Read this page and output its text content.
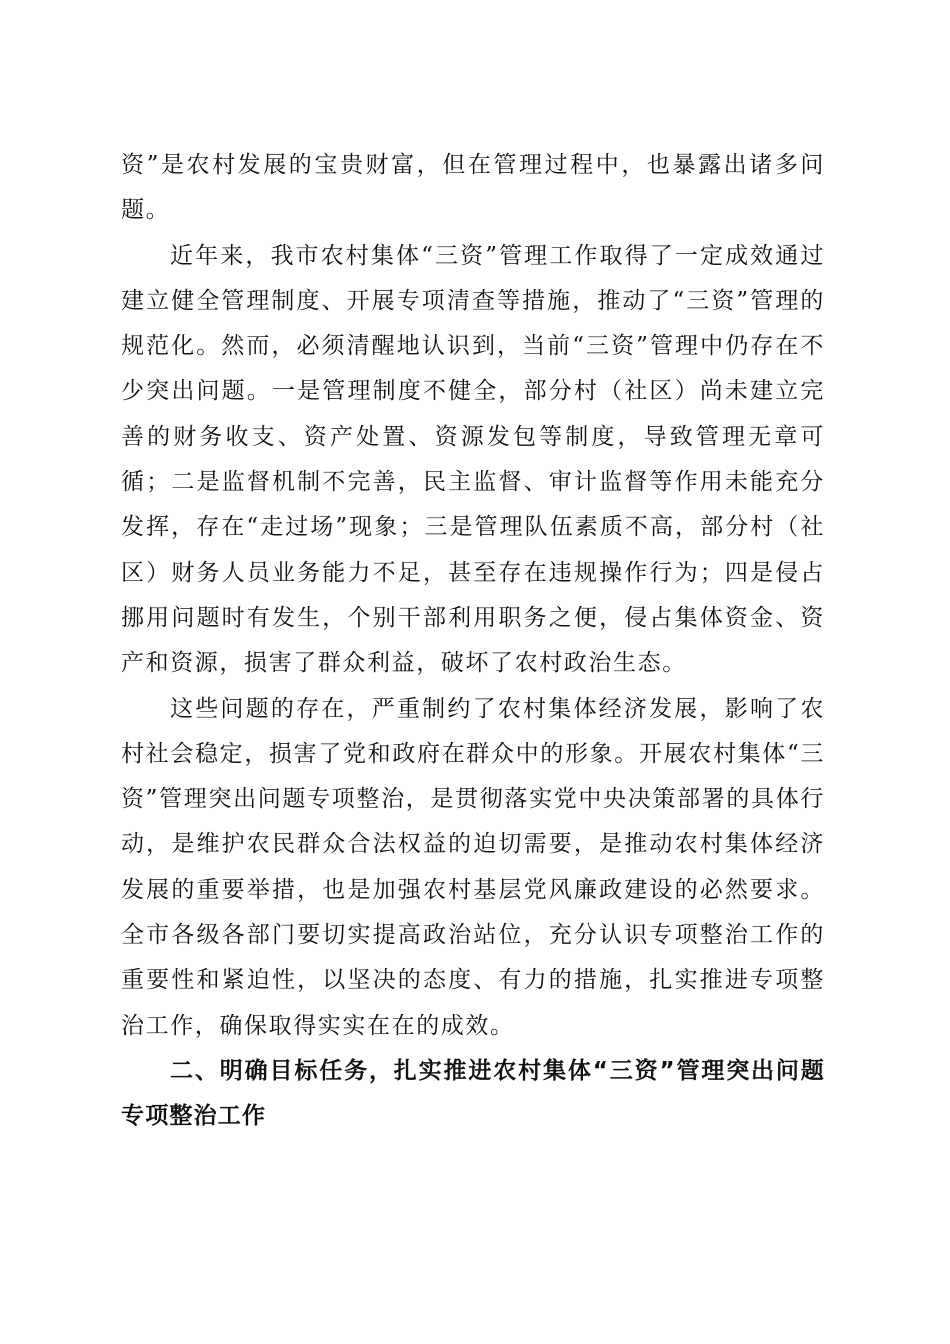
资”是农村发展的宝贵财富，但在管理过程中，也暴露出诸多问题。

近年来，我市农村集体“三资”管理工作取得了一定成效通过建立健全管理制度、开展专项清查等措施，推动了“三资”管理的规范化。然而，必须清醒地认识到，当前“三资”管理中仍存在不少突出问题。一是管理制度不健全，部分村（社区）尚未建立完善的财务收支、资产处置、资源发包等制度，导致管理无章可循；二是监督机制不完善，民主监督、审计监督等作用未能充分发挥，存在“走过场”现象；三是管理队伍素质不高，部分村（社区）财务人员业务能力不足，甚至存在违规操作行为；四是侵占挪用问题时有发生，个别干部利用职务之便，侵占集体资金、资产和资源，损害了群众利益，破坏了农村政治生态。

这些问题的存在，严重制约了农村集体经济发展，影响了农村社会稳定，损害了党和政府在群众中的形象。开展农村集体“三资”管理突出问题专项整治，是贯彻落实党中央决策部署的具体行动，是维护农民群众合法权益的迫切需要，是推动农村集体经济发展的重要举措，也是加强农村基层党风廉政建设的必然要求。全市各级各部门要切实提高政治站位，充分认识专项整治工作的重要性和紧迫性，以坚决的态度、有力的措施，扎实推进专项整治工作，确保取得实实在在的成效。

二、明确目标任务，扎实推进农村集体“三资”管理突出问题专项整治工作
